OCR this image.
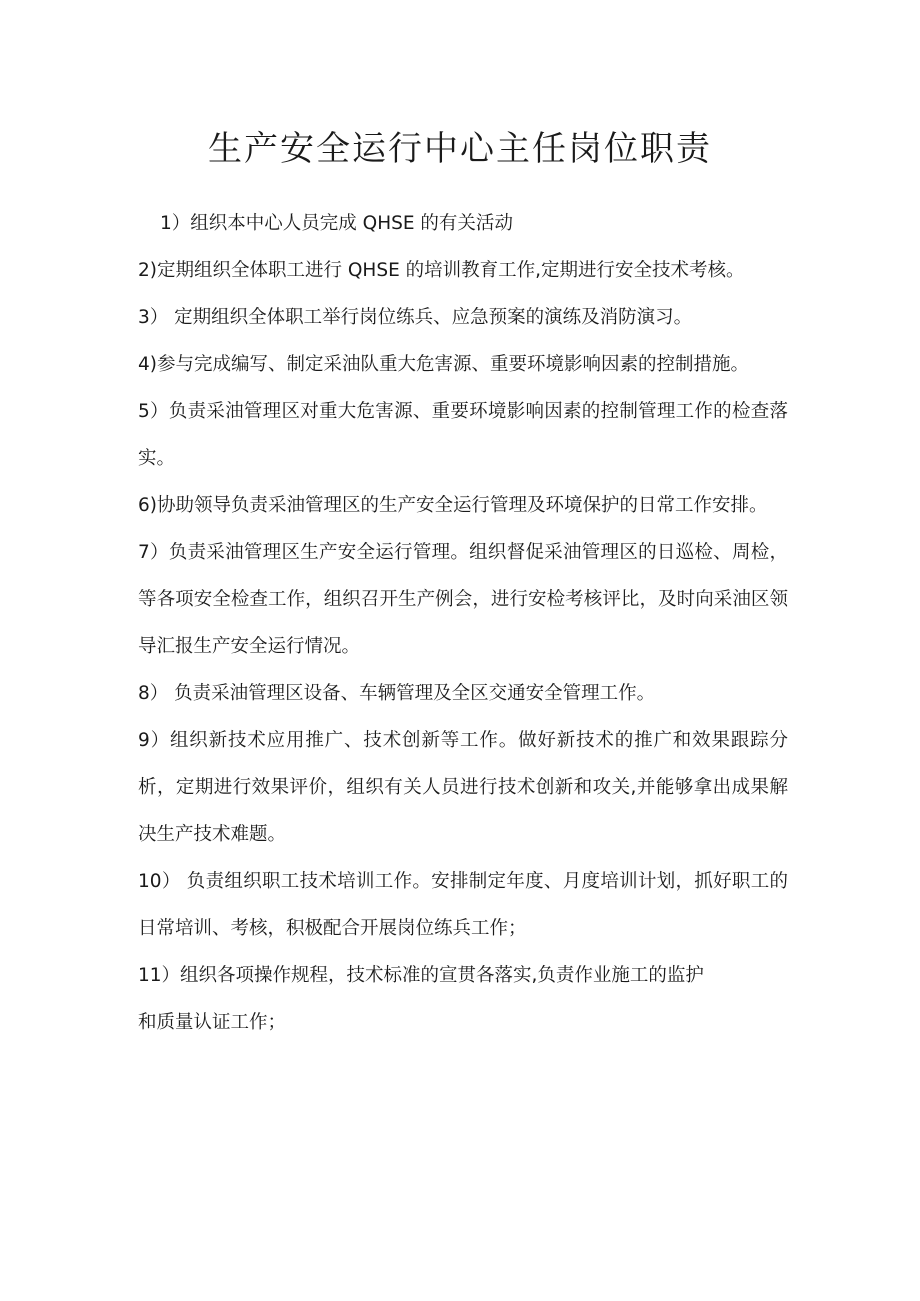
生产安全运行中心主任岗位职责

1）组织本中心人员完成 QHSE 的有关活动

2)定期组织全体职工进行 QHSE 的培训教育工作,定期进行安全技术考核。

3） 定期组织全体职工举行岗位练兵、应急预案的演练及消防演习。

4)参与完成编写、制定采油队重大危害源、重要环境影响因素的控制措施。

5）负责采油管理区对重大危害源、重要环境影响因素的控制管理工作的检查落实。

6)协助领导负责采油管理区的生产安全运行管理及环境保护的日常工作安排。

7）负责采油管理区生产安全运行管理。组织督促采油管理区的日巡检、周检，等各项安全检查工作，组织召开生产例会，进行安检考核评比，及时向采油区领导汇报生产安全运行情况。

8） 负责采油管理区设备、车辆管理及全区交通安全管理工作。

9）组织新技术应用推广、技术创新等工作。做好新技术的推广和效果跟踪分析，定期进行效果评价，组织有关人员进行技术创新和攻关,并能够拿出成果解决生产技术难题。

10） 负责组织职工技术培训工作。安排制定年度、月度培训计划，抓好职工的日常培训、考核，积极配合开展岗位练兵工作；

11）组织各项操作规程，技术标准的宣贯各落实,负责作业施工的监护

和质量认证工作；
